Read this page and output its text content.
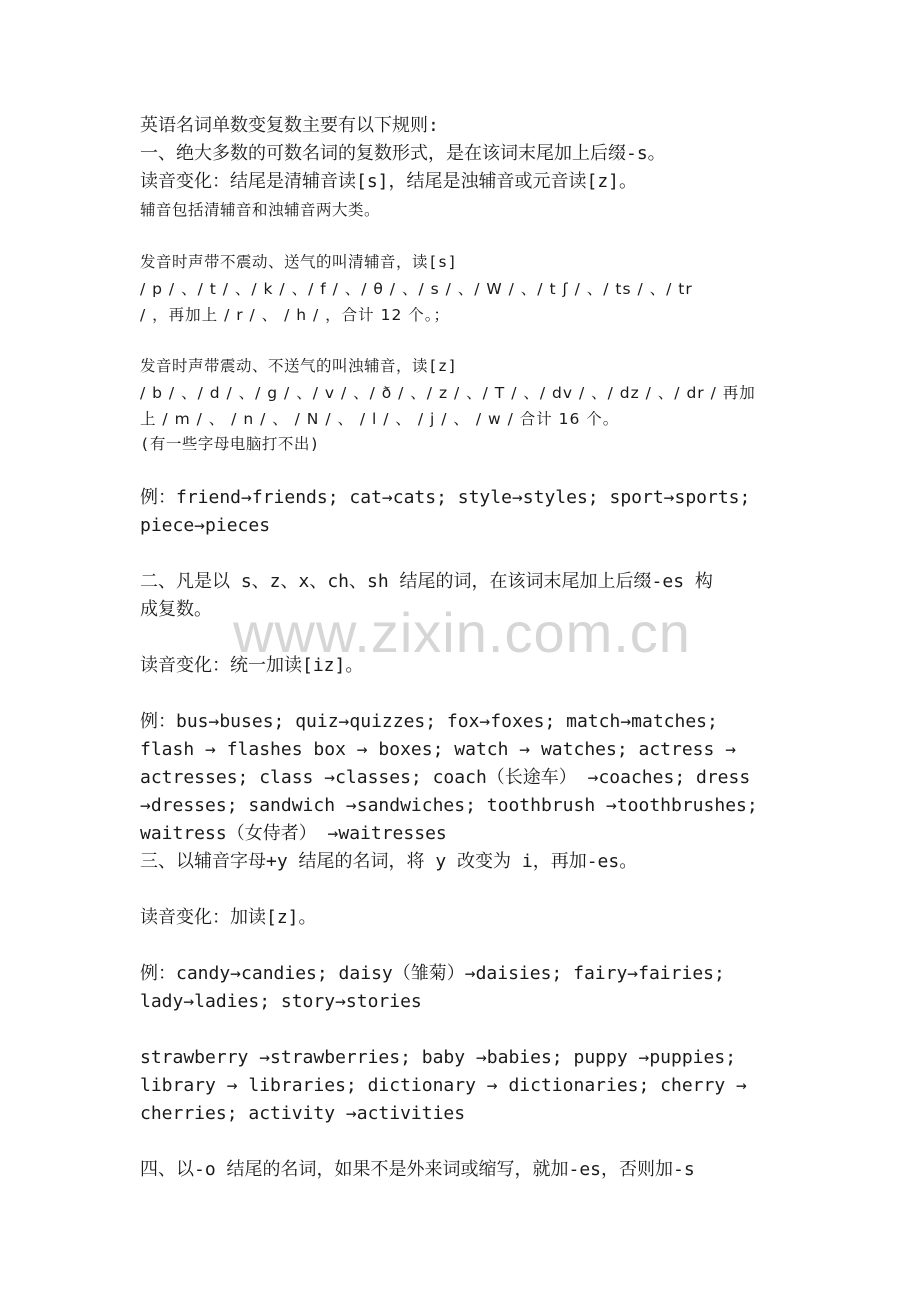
www.zixin.com.cn
英语名词单数变复数主要有以下规则:
一、绝大多数的可数名词的复数形式，是在该词末尾加上后缀-s。
读音变化：结尾是清辅音读[s]，结尾是浊辅音或元音读[z]。
辅音包括清辅音和浊辅音两大类。
发音时声带不震动、送气的叫清辅音，读[s]
/ p / 、/ t / 、/ k / 、/ f / 、/ θ / 、/ s / 、/ W / 、/ t ʃ / 、/ ts / 、/ tr
/ ，再加上 / r / 、 / h / ，合计 12 个。；
发音时声带震动、不送气的叫浊辅音，读[z]
/ b / 、/ d / 、/ g / 、/ v / 、/ ð / 、/ z / 、/ T / 、/ dv / 、/ dz / 、/ dr / 再加
上 / m / 、 / n / 、 / N / 、 / l / 、 / j / 、 / w / 合计 16 个。
(有一些字母电脑打不出)
例：friend→friends; cat→cats; style→styles; sport→sports;
piece→pieces
二、凡是以 s、z、x、ch、sh 结尾的词，在该词末尾加上后缀-es 构
成复数。
读音变化：统一加读[iz]。
例：bus→buses; quiz→quizzes; fox→foxes; match→matches;
flash → flashes box → boxes; watch → watches; actress →
actresses; class →classes; coach（长途车） →coaches; dress
→dresses; sandwich →sandwiches; toothbrush →toothbrushes;
waitress（女侍者） →waitresses
三、以辅音字母+y 结尾的名词，将 y 改变为 i，再加-es。
读音变化：加读[z]。
例：candy→candies; daisy（雏菊）→daisies; fairy→fairies;
lady→ladies; story→stories
strawberry →strawberries; baby →babies; puppy →puppies;
library → libraries; dictionary → dictionaries; cherry →
cherries; activity →activities
四、以-o 结尾的名词，如果不是外来词或缩写，就加-es，否则加-s
